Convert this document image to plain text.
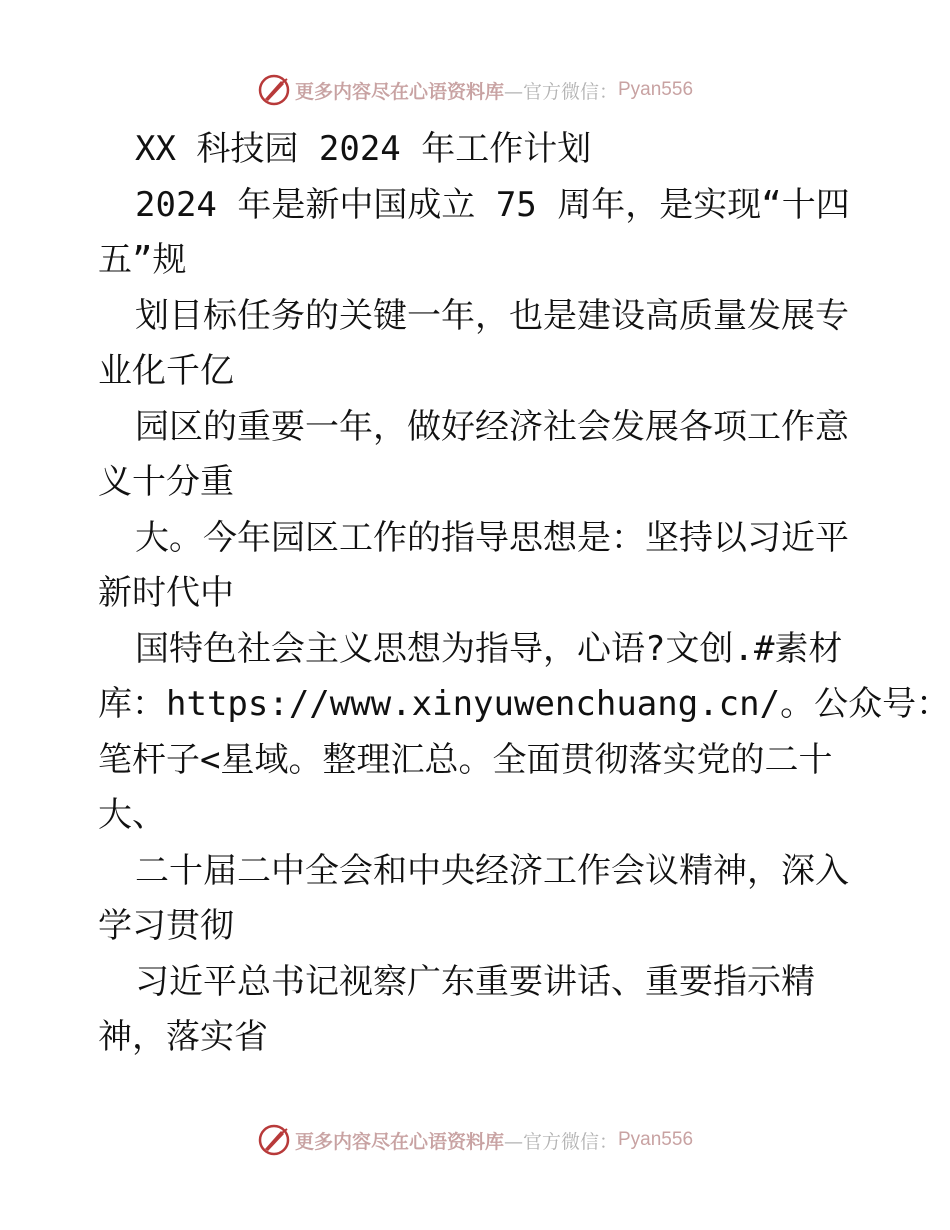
更多内容尽在心语资料库 —官方微信： Pyan556
XX 科技园 2024 年工作计划
2024 年是新中国成立 75 周年，是实现“十四
五”规
划目标任务的关键一年，也是建设高质量发展专
业化千亿
园区的重要一年，做好经济社会发展各项工作意
义十分重
大。今年园区工作的指导思想是：坚持以习近平
新时代中
国特色社会主义思想为指导，心语?文创.#素材
库：https://www.xinyuwenchuang.cn/。公众号：
笔杆子<星域。整理汇总。全面贯彻落实党的二十
大、
二十届二中全会和中央经济工作会议精神，深入
学习贯彻
习近平总书记视察广东重要讲话、重要指示精
神，落实省
更多内容尽在心语资料库 —官方微信： Pyan556
